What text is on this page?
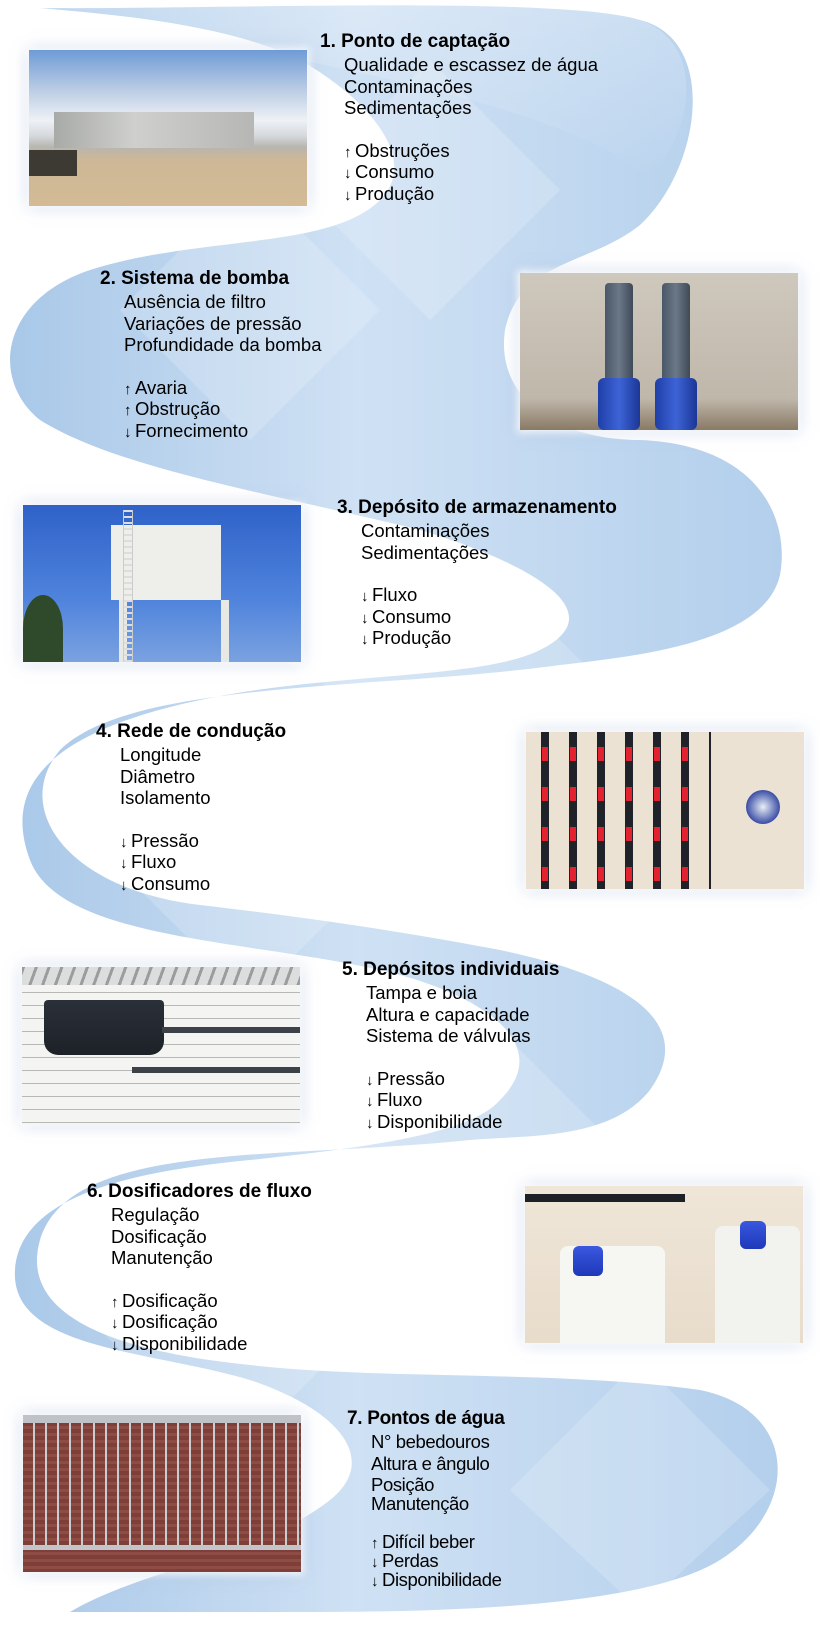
1. Ponto de captação
Qualidade e escassez de água
Contaminações
Sedimentações
↑ Obstruções
↓ Consumo
↓ Produção
2. Sistema de bomba
Ausência de filtro
Variações de pressão
Profundidade da bomba
↑ Avaria
↑ Obstrução
↓ Fornecimento
3. Depósito de armazenamento
Contaminações
Sedimentações
↓ Fluxo
↓ Consumo
↓ Produção
4. Rede de condução
Longitude
Diâmetro
Isolamento
↓ Pressão
↓ Fluxo
↓ Consumo
5. Depósitos individuais
Tampa e boia
Altura e capacidade
Sistema de válvulas
↓ Pressão
↓ Fluxo
↓ Disponibilidade
6. Dosificadores de fluxo
Regulação
Dosificação
Manutenção
↑ Dosificação
↓ Dosificação
↓ Disponibilidade
7. Pontos de água
N° bebedouros
Altura e ângulo
Posição
Manutenção
↑ Difícil beber
↓ Perdas
↓ Disponibilidade
